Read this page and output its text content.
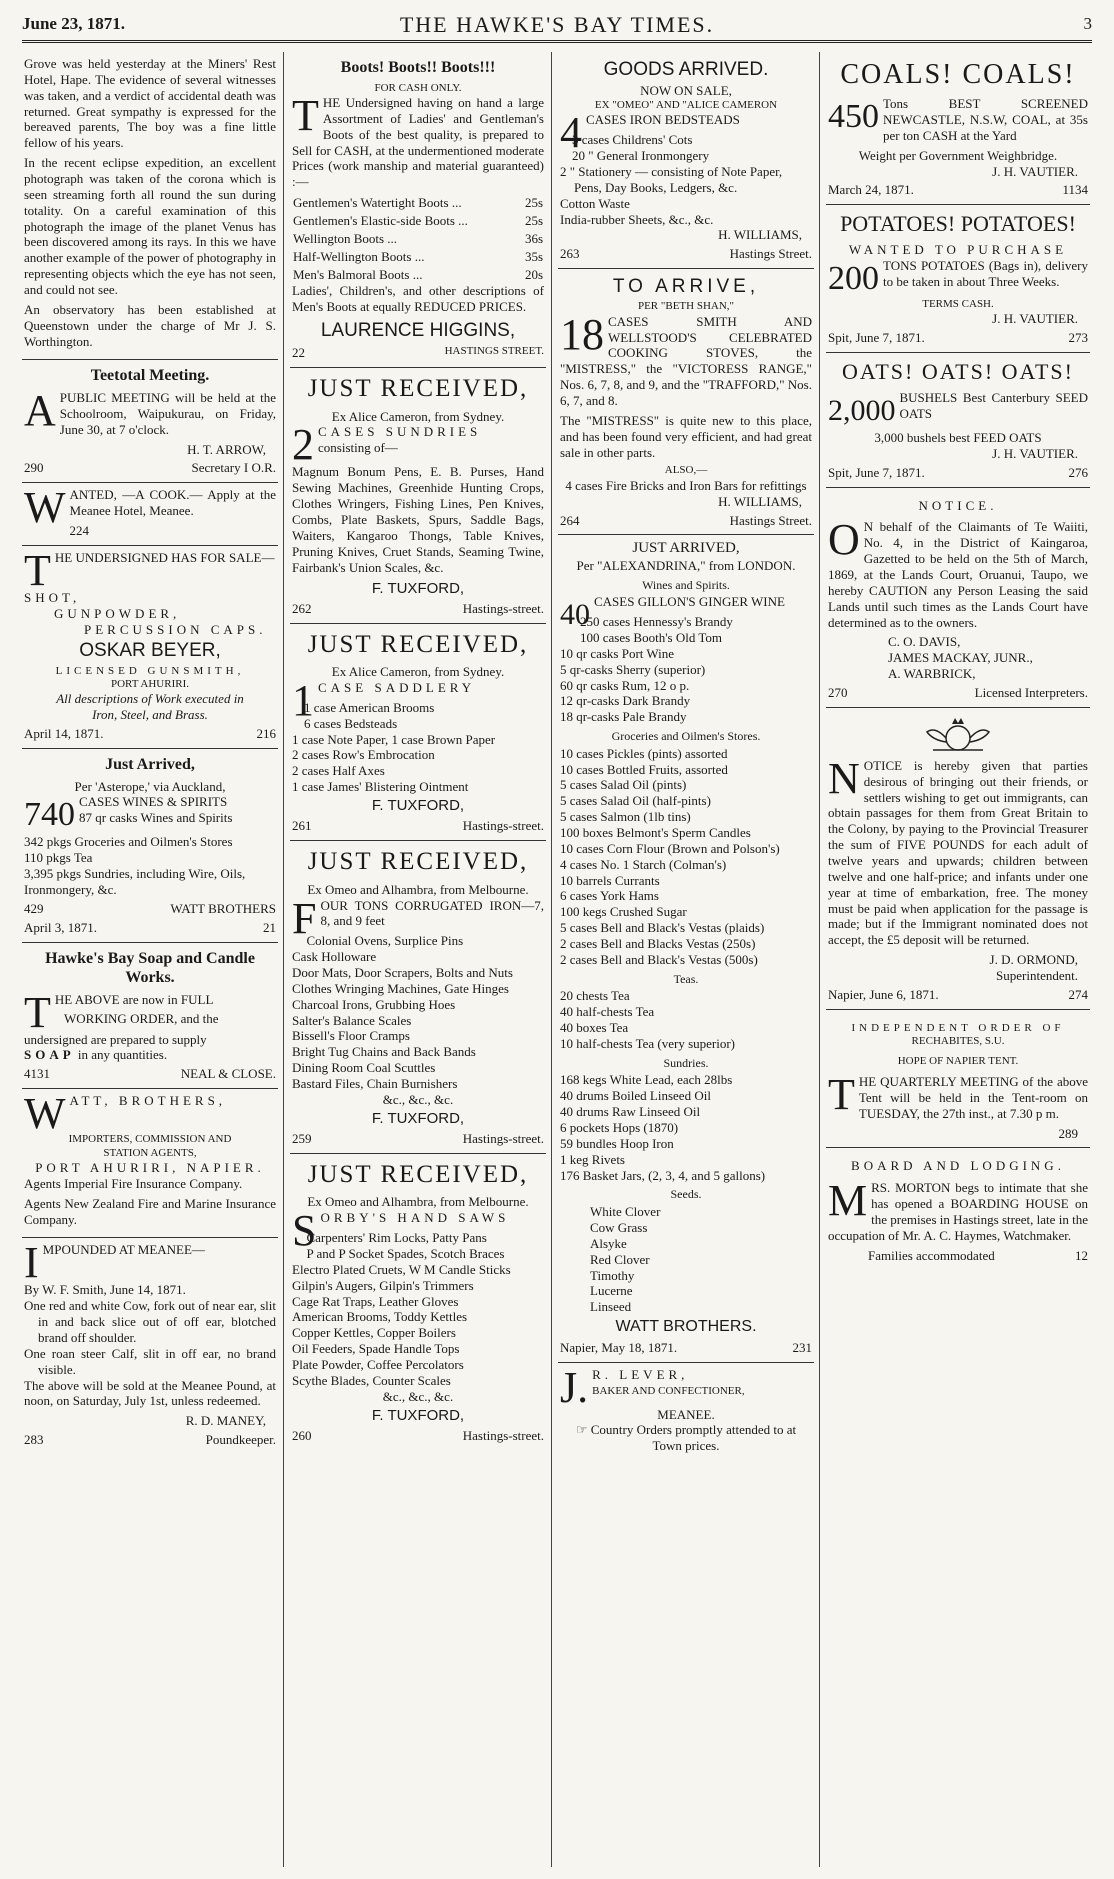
June 23, 1871.	THE HAWKE'S BAY TIMES.	3

Grove was held yesterday at the Miners' Rest Hotel, Hape. The evidence of several witnesses was taken, and a verdict of accidental death was returned. Great sympathy is expressed for the bereaved parents, The boy was a fine little fellow of his years.

In the recent eclipse expedition, an excellent photograph was taken of the corona which is seen streaming forth all round the sun during totality. On a careful examination of this photograph the image of the planet Venus has been discovered among its rays. In this we have another example of the power of photography in representing objects which the eye has not seen, and could not see.

An observatory has been established at Queenstown under the charge of Mr J. S. Worthington.

Teetotal Meeting.

APUBLIC MEETING will be held at the Schoolroom, Waipukurau, on Friday, June 30, at 7 o'clock.

H. T. ARROW,
290	Secretary I O.R.

WANTED, —A COOK.— Apply at the Meanee Hotel, Meanee.

224

THE UNDERSIGNED HAS FOR SALE—

SHOT,
GUNPOWDER,
PERCUSSION CAPS.
OSKAR BEYER,
LICENSED GUNSMITH,
PORT AHURIRI.
All descriptions of Work executed in
Iron, Steel, and Brass.
April 14, 1871.	216
Just Arrived,
Per 'Asterope,' via Auckland,

740 CASES WINES & SPIRITS
87 qr casks Wines and Spirits

342 pkgs Groceries and Oilmen's Stores
110 pkgs Tea
3,395 pkgs Sundries, including Wire, Oils, Ironmongery, &c.
429	WATT BROTHERS
April 3, 1871.	21
Hawke's Bay Soap and Candle Works.

THE ABOVE are now in FULL

WORKING ORDER, and the
undersigned are prepared to supply
SOAP in any quantities.
4131	NEAL & CLOSE.

WATT, BROTHERS,

IMPORTERS, COMMISSION AND
STATION AGENTS,
PORT AHURIRI, NAPIER.

Agents Imperial Fire Insurance Company.

Agents New Zealand Fire and Marine Insurance Company.

IMPOUNDED AT MEANEE—

By W. F. Smith, June 14, 1871.

One red and white Cow, fork out of near ear, slit in and back slice out of off ear, blotched brand off shoulder.

One roan steer Calf, slit in off ear, no brand visible.

The above will be sold at the Meanee Pound, at noon, on Saturday, July 1st, unless redeemed.

R. D. MANEY,
283	Poundkeeper.
Boots! Boots!! Boots!!!
FOR CASH ONLY.

THE Undersigned having on hand a large Assortment of Ladies' and Gentleman's Boots of the best quality, is prepared to Sell for CASH, at the undermentioned moderate Prices (work manship and material guaranteed) :—

Gentlemen's Watertight Boots ...	25s
Gentlemen's Elastic-side Boots ...	25s
Wellington Boots ...	36s
Half-Wellington Boots ...	35s
Men's Balmoral Boots ...	20s

Ladies', Children's, and other descriptions of Men's Boots at equally REDUCED PRICES.

LAURENCE HIGGINS,
22	HASTINGS STREET.
JUST RECEIVED,
Ex Alice Cameron, from Sydney.

2 CASES SUNDRIES
consisting of—

Magnum Bonum Pens, E. B. Purses, Hand Sewing Machines, Greenhide Hunting Crops, Clothes Wringers, Fishing Lines, Pen Knives, Combs, Plate Baskets, Spurs, Saddle Bags, Waiters, Kangaroo Thongs, Table Knives, Pruning Knives, Cruet Stands, Seaming Twine, Fairbank's Union Scales, &c.

F. TUXFORD,
262	Hastings-street.
JUST RECEIVED,
Ex Alice Cameron, from Sydney.

1 CASE SADDLERY

1 case American Brooms
6 cases Bedsteads
1 case Note Paper, 1 case Brown Paper
2 cases Row's Embrocation
2 cases Half Axes
1 case James' Blistering Ointment
F. TUXFORD,
261	Hastings-street.
JUST RECEIVED,
Ex Omeo and Alhambra, from Melbourne.

FOUR TONS CORRUGATED IRON—7, 8, and 9 feet

Colonial Ovens, Surplice Pins
Cask Holloware
Door Mats, Door Scrapers, Bolts and Nuts
Clothes Wringing Machines, Gate Hinges
Charcoal Irons, Grubbing Hoes
Salter's Balance Scales
Bissell's Floor Cramps
Bright Tug Chains and Back Bands
Dining Room Coal Scuttles
Bastard Files, Chain Burnishers
&c., &c., &c.
F. TUXFORD,
259	Hastings-street.
JUST RECEIVED,
Ex Omeo and Alhambra, from Melbourne.

SORBY'S HAND SAWS

Carpenters' Rim Locks, Patty Pans
P and P Socket Spades, Scotch Braces
Electro Plated Cruets, W M Candle Sticks
Gilpin's Augers, Gilpin's Trimmers
Cage Rat Traps, Leather Gloves
American Brooms, Toddy Kettles
Copper Kettles, Copper Boilers
Oil Feeders, Spade Handle Tops
Plate Powder, Coffee Percolators
Scythe Blades, Counter Scales
&c., &c., &c.
F. TUXFORD,
260	Hastings-street.
GOODS ARRIVED.
NOW ON SALE,
EX "OMEO" AND "ALICE CAMERON

4 CASES IRON BEDSTEADS

3 cases Childrens' Cots
20 " General Ironmongery
2 " Stationery — consisting of Note Paper, Pens, Day Books, Ledgers, &c.
Cotton Waste
India-rubber Sheets, &c., &c.
H. WILLIAMS,
263	Hastings Street.
TO ARRIVE,
PER "BETH SHAN,"

18 CASES SMITH AND WELLSTOOD'S CELEBRATED COOKING STOVES, the "MISTRESS," the "VICTORESS RANGE," Nos. 6, 7, 8, and 9, and the "TRAFFORD," Nos. 6, 7, and 8.

The "MISTRESS" is quite new to this place, and has been found very efficient, and had great sale in other parts.

ALSO,—
4 cases Fire Bricks and Iron Bars for refittings
H. WILLIAMS,
264	Hastings Street.
JUST ARRIVED,
Per "ALEXANDRINA," from LONDON.
Wines and Spirits.

40 CASES GILLON'S GINGER WINE

250 cases Hennessy's Brandy
100 cases Booth's Old Tom
10 qr casks Port Wine
5 qr-casks Sherry (superior)
60 qr casks Rum, 12 o p.
12 qr-casks Dark Brandy
18 qr-casks Pale Brandy
Groceries and Oilmen's Stores.
10 cases Pickles (pints) assorted
10 cases Bottled Fruits, assorted
5 cases Salad Oil (pints)
5 cases Salad Oil (half-pints)
5 cases Salmon (1lb tins)
100 boxes Belmont's Sperm Candles
10 cases Corn Flour (Brown and Polson's)
4 cases No. 1 Starch (Colman's)
10 barrels Currants
6 cases York Hams
100 kegs Crushed Sugar
5 cases Bell and Black's Vestas (plaids)
2 cases Bell and Blacks Vestas (250s)
2 cases Bell and Black's Vestas (500s)
Teas.
20 chests Tea
40 half-chests Tea
40 boxes Tea
10 half-chests Tea (very superior)
Sundries.
168 kegs White Lead, each 28lbs
40 drums Boiled Linseed Oil
40 drums Raw Linseed Oil
6 pockets Hops (1870)
59 bundles Hoop Iron
1 keg Rivets
176 Basket Jars, (2, 3, 4, and 5 gallons)
Seeds.
White Clover
Cow Grass
Alsyke
Red Clover
Timothy
Lucerne
Linseed
WATT BROTHERS.
Napier, May 18, 1871.	231

J. R. LEVER,
BAKER AND CONFECTIONER,

MEANEE.
☞ Country Orders promptly attended to at Town prices.
COALS! COALS!

450 Tons BEST SCREENED NEWCASTLE, N.S.W, COAL, at 35s per ton CASH at the Yard

Weight per Government Weighbridge.
J. H. VAUTIER.
March 24, 1871.	1134
POTATOES! POTATOES!
WANTED TO PURCHASE

200 TONS POTATOES (Bags in), delivery to be taken in about Three Weeks.

TERMS CASH.
J. H. VAUTIER.
Spit, June 7, 1871.	273
OATS! OATS! OATS!

2,000 BUSHELS Best Canterbury SEED OATS

3,000 bushels best FEED OATS
J. H. VAUTIER.
Spit, June 7, 1871.	276
NOTICE.

O N behalf of the Claimants of Te Waiiti, No. 4, in the District of Kaingaroa, Gazetted to be held on the 5th of March, 1869, at the Lands Court, Oruanui, Taupo, we hereby CAUTION any Person Leasing the said Lands until such times as the Lands Court have determined as to the owners.

C. O. DAVIS,
JAMES MACKAY, JUNR.,
A. WARBRICK,
270	Licensed Interpreters.

NOTICE is hereby given that parties desirous of bringing out their friends, or settlers wishing to get out immigrants, can obtain passages for them from Great Britain to the Colony, by paying to the Provincial Treasurer the sum of FIVE POUNDS for each adult of twelve years and upwards; children between twelve and one half-price; and infants under one year at time of embarkation, free. The money must be paid when application for the passage is made; but if the Immigrant nominated does not accept, the £5 deposit will be returned.

J. D. ORMOND,
Superintendent.
Napier, June 6, 1871.	274
INDEPENDENT ORDER OF
RECHABITES, S.U.
HOPE OF NAPIER TENT.

THE QUARTERLY MEETING of the above Tent will be held in the Tent-room on TUESDAY, the 27th inst., at 7.30 p m.

289
BOARD AND LODGING.

MRS. MORTON begs to intimate that she has opened a BOARDING HOUSE on the premises in Hastings street, late in the occupation of Mr. A. C. Haymes, Watchmaker.

Families accommodated	12
